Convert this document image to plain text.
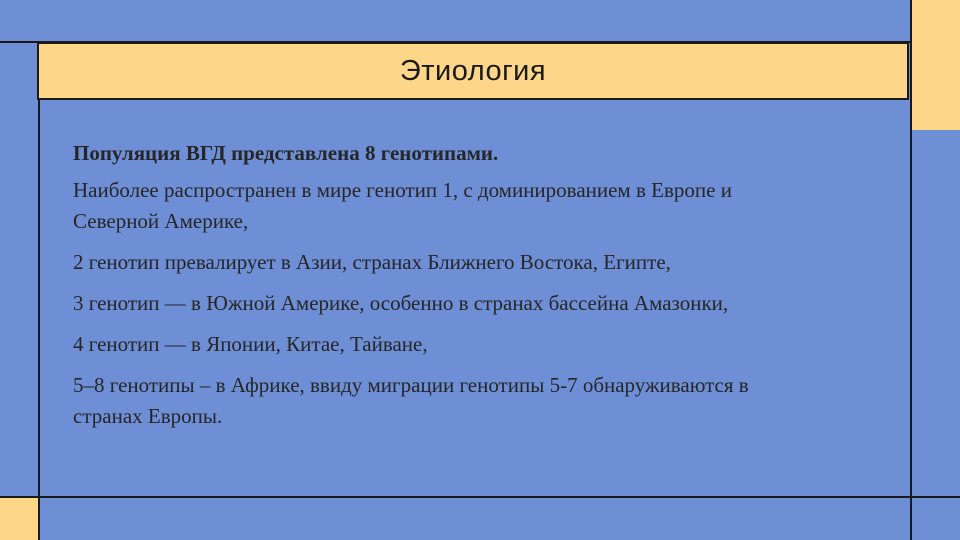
Этиология

Популяция ВГД представлена 8 генотипами.

Наиболее распространен в мире генотип 1, с доминированием в Европе и Северной Америке,

2 генотип превалирует в Азии, странах Ближнего Востока, Египте,

3 генотип — в Южной Америке, особенно в странах бассейна Амазонки,

4 генотип — в Японии, Китае, Тайване,

5–8 генотипы – в Африке, ввиду миграции генотипы 5-7 обнаруживаются в странах Европы.
